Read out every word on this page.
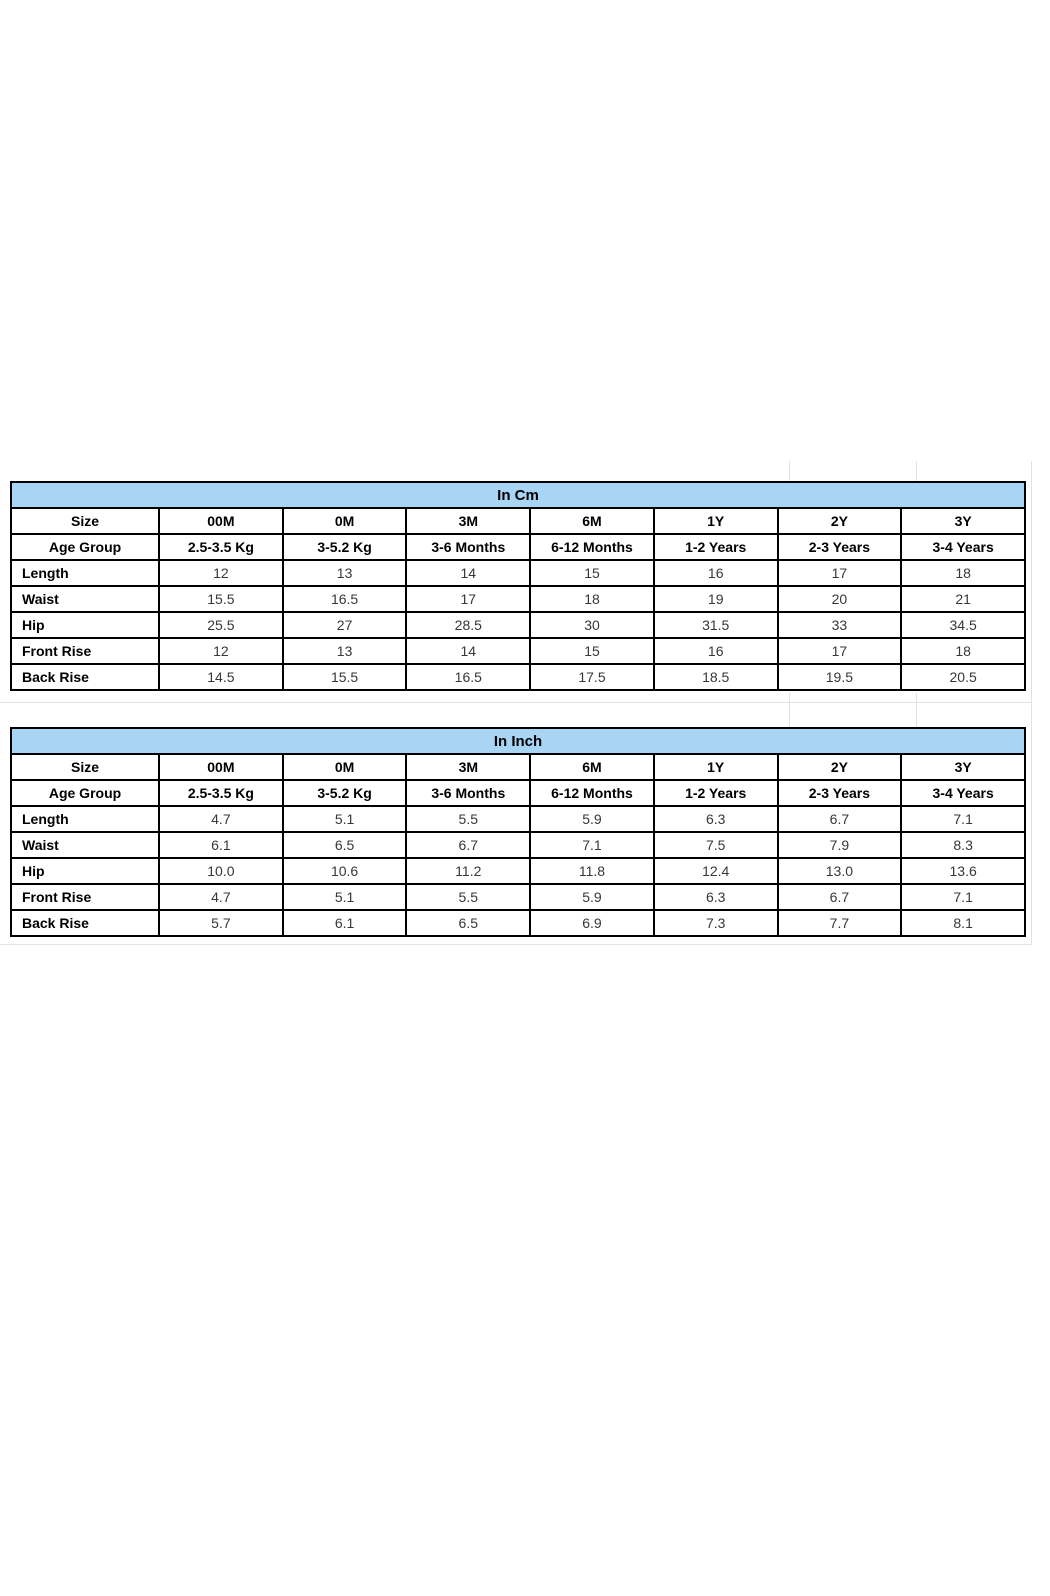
In Cm							
Size	00M	0M	3M	6M	1Y	2Y	3Y
Age Group	2.5-3.5 Kg	3-5.2 Kg	3-6 Months	6-12 Months	1-2 Years	2-3 Years	3-4 Years
Length	12	13	14	15	16	17	18
Waist	15.5	16.5	17	18	19	20	21
Hip	25.5	27	28.5	30	31.5	33	34.5
Front Rise	12	13	14	15	16	17	18
Back Rise	14.5	15.5	16.5	17.5	18.5	19.5	20.5
In Inch							
Size	00M	0M	3M	6M	1Y	2Y	3Y
Age Group	2.5-3.5 Kg	3-5.2 Kg	3-6 Months	6-12 Months	1-2 Years	2-3 Years	3-4 Years
Length	4.7	5.1	5.5	5.9	6.3	6.7	7.1
Waist	6.1	6.5	6.7	7.1	7.5	7.9	8.3
Hip	10.0	10.6	11.2	11.8	12.4	13.0	13.6
Front Rise	4.7	5.1	5.5	5.9	6.3	6.7	7.1
Back Rise	5.7	6.1	6.5	6.9	7.3	7.7	8.1
